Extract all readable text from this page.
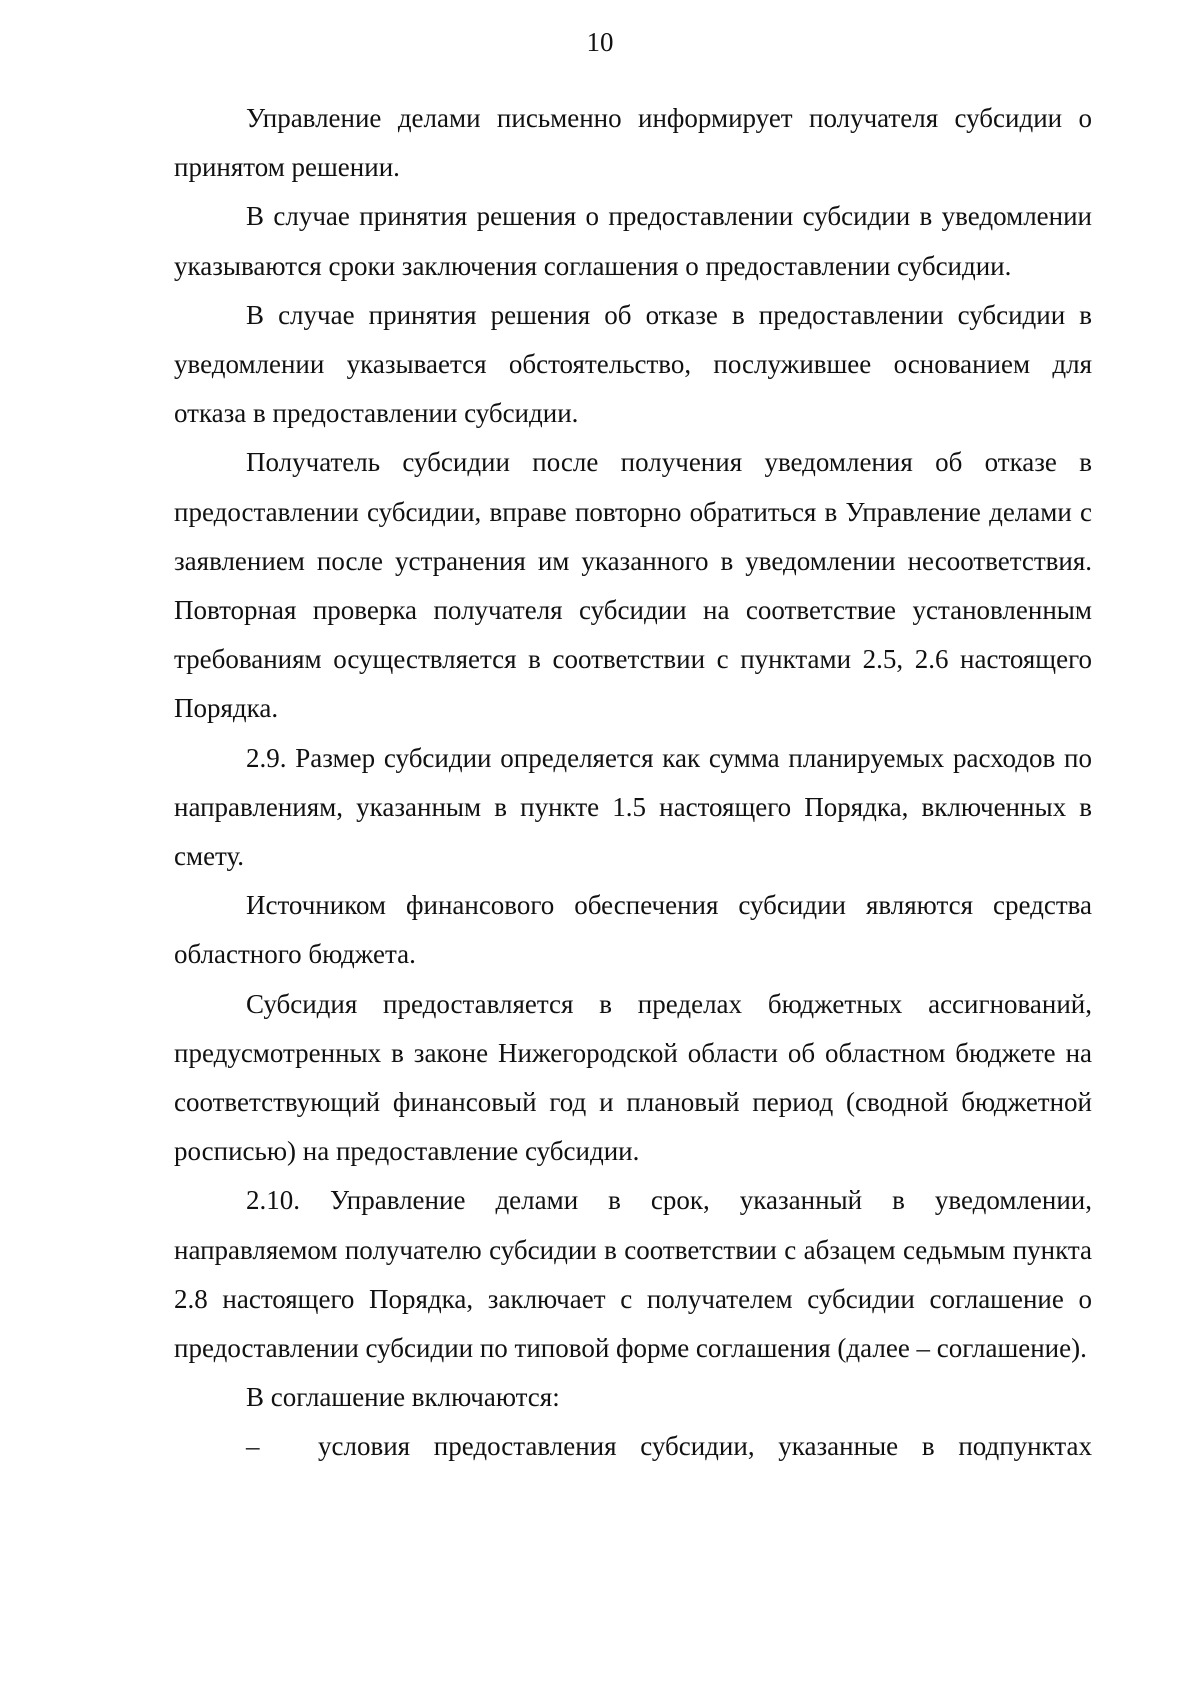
10

Управление делами письменно информирует получателя субсидии о принятом решении.

В случае принятия решения о предоставлении субсидии в уведомлении указываются сроки заключения соглашения о предоставлении субсидии.

В случае принятия решения об отказе в предоставлении субсидии в уведомлении указывается обстоятельство, послужившее основанием для отказа в предоставлении субсидии.

Получатель субсидии после получения уведомления об отказе в предоставлении субсидии, вправе повторно обратиться в Управление делами с заявлением после устранения им указанного в уведомлении несоответствия. Повторная проверка получателя субсидии на соответствие установленным требованиям осуществляется в соответствии с пунктами 2.5, 2.6 настоящего Порядка.

2.9. Размер субсидии определяется как сумма планируемых расходов по направлениям, указанным в пункте 1.5 настоящего Порядка, включенных в смету.

Источником финансового обеспечения субсидии являются средства областного бюджета.

Субсидия предоставляется в пределах бюджетных ассигнований, предусмотренных в законе Нижегородской области об областном бюджете на соответствующий финансовый год и плановый период (сводной бюджетной росписью) на предоставление субсидии.

2.10. Управление делами в срок, указанный в уведомлении, направляемом получателю субсидии в соответствии с абзацем седьмым пункта 2.8 настоящего Порядка, заключает с получателем субсидии соглашение о предоставлении субсидии по типовой форме соглашения (далее – соглашение).

В соглашение включаются:

–	условия предоставления субсидии, указанные в подпунктах
